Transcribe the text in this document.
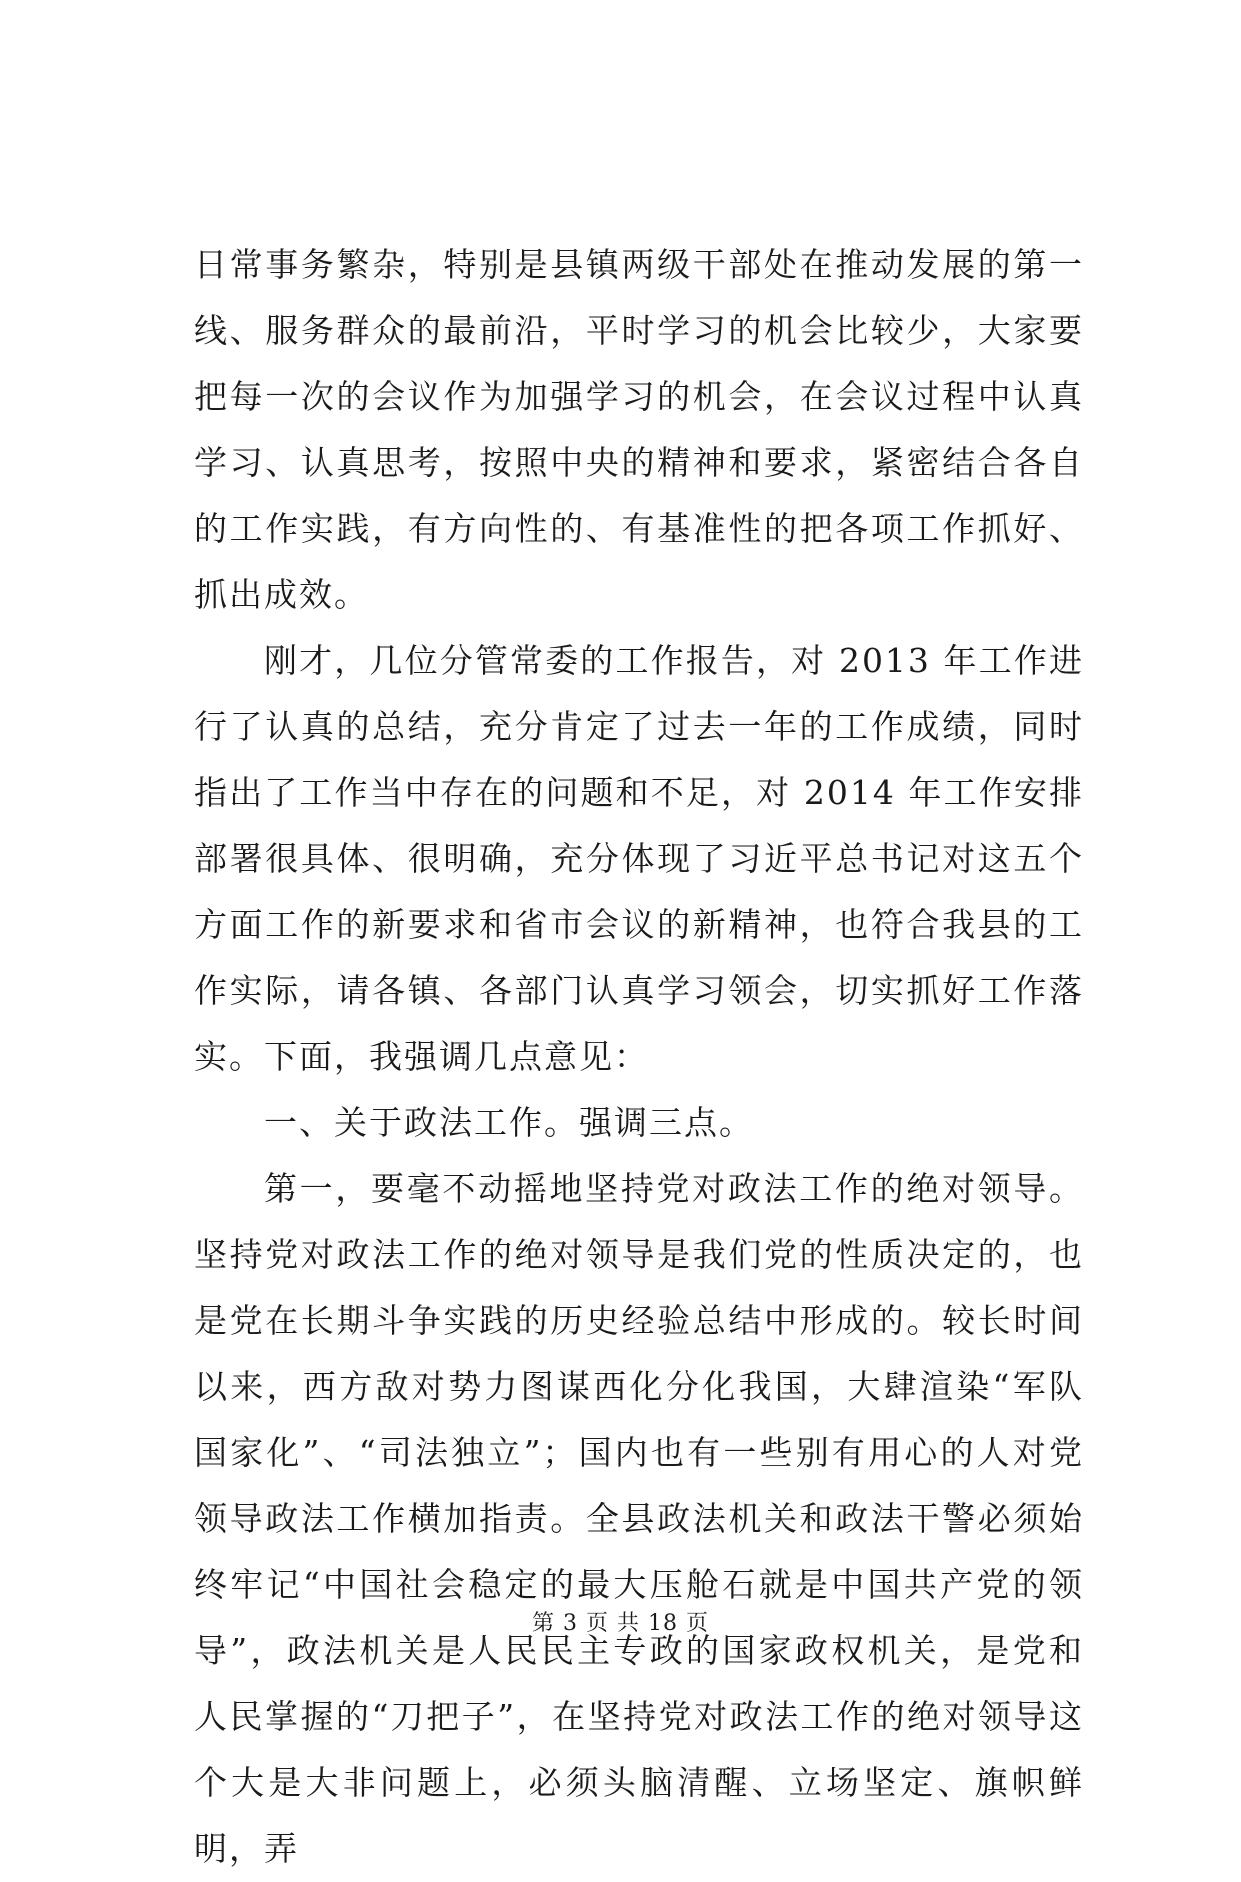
日常事务繁杂，特别是县镇两级干部处在推动发展的第一线、服务群众的最前沿，平时学习的机会比较少，大家要把每一次的会议作为加强学习的机会，在会议过程中认真学习、认真思考，按照中央的精神和要求，紧密结合各自的工作实践，有方向性的、有基准性的把各项工作抓好、抓出成效。

刚才，几位分管常委的工作报告，对 2013 年工作进行了认真的总结，充分肯定了过去一年的工作成绩，同时指出了工作当中存在的问题和不足，对 2014 年工作安排部署很具体、很明确，充分体现了习近平总书记对这五个方面工作的新要求和省市会议的新精神，也符合我县的工作实际，请各镇、各部门认真学习领会，切实抓好工作落实。下面，我强调几点意见：

一、关于政法工作。强调三点。

第一，要毫不动摇地坚持党对政法工作的绝对领导。坚持党对政法工作的绝对领导是我们党的性质决定的，也是党在长期斗争实践的历史经验总结中形成的。较长时间以来，西方敌对势力图谋西化分化我国，大肆渲染“军队国家化”、“司法独立”；国内也有一些别有用心的人对党领导政法工作横加指责。全县政法机关和政法干警必须始终牢记“中国社会稳定的最大压舱石就是中国共产党的领导”，政法机关是人民民主专政的国家政权机关，是党和人民掌握的“刀把子”，在坚持党对政法工作的绝对领导这个大是大非问题上，必须头脑清醒、立场坚定、旗帜鲜明，弄

第 3 页 共 18 页
